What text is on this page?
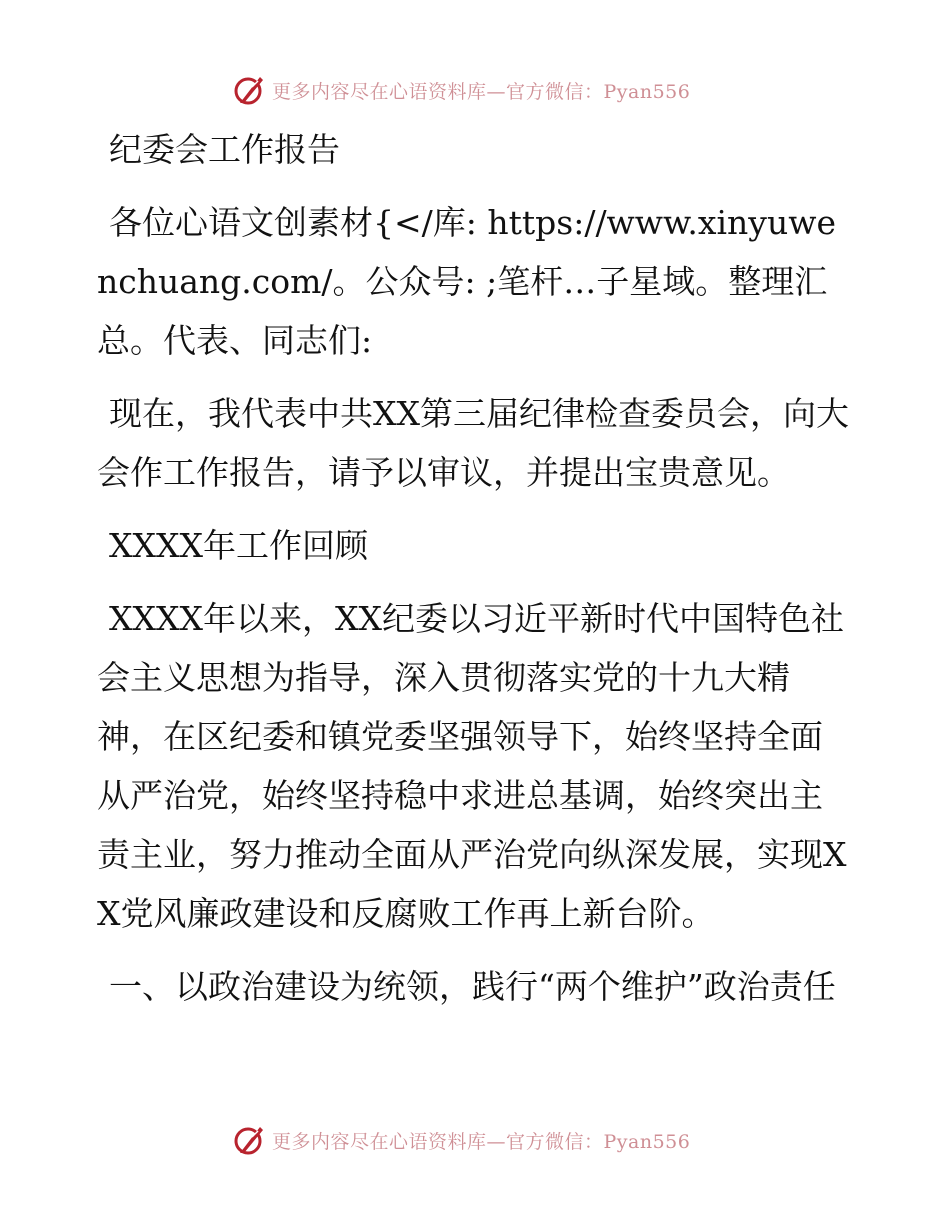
更多内容尽在心语资料库—官方微信：Pyan556

纪委会工作报告

各位心语文创素材{</库: https://www.xinyuwenchuang.com/。公众号: ;笔杆…子星域。整理汇总。代表、同志们:

现在，我代表中共XX第三届纪律检查委员会，向大会作工作报告，请予以审议，并提出宝贵意见。

XXXX年工作回顾

XXXX年以来，XX纪委以习近平新时代中国特色社会主义思想为指导，深入贯彻落实党的十九大精神，在区纪委和镇党委坚强领导下，始终坚持全面从严治党，始终坚持稳中求进总基调，始终突出主责主业，努力推动全面从严治党向纵深发展，实现XX党风廉政建设和反腐败工作再上新台阶。

一、以政治建设为统领，践行“两个维护”政治责任

更多内容尽在心语资料库—官方微信：Pyan556
